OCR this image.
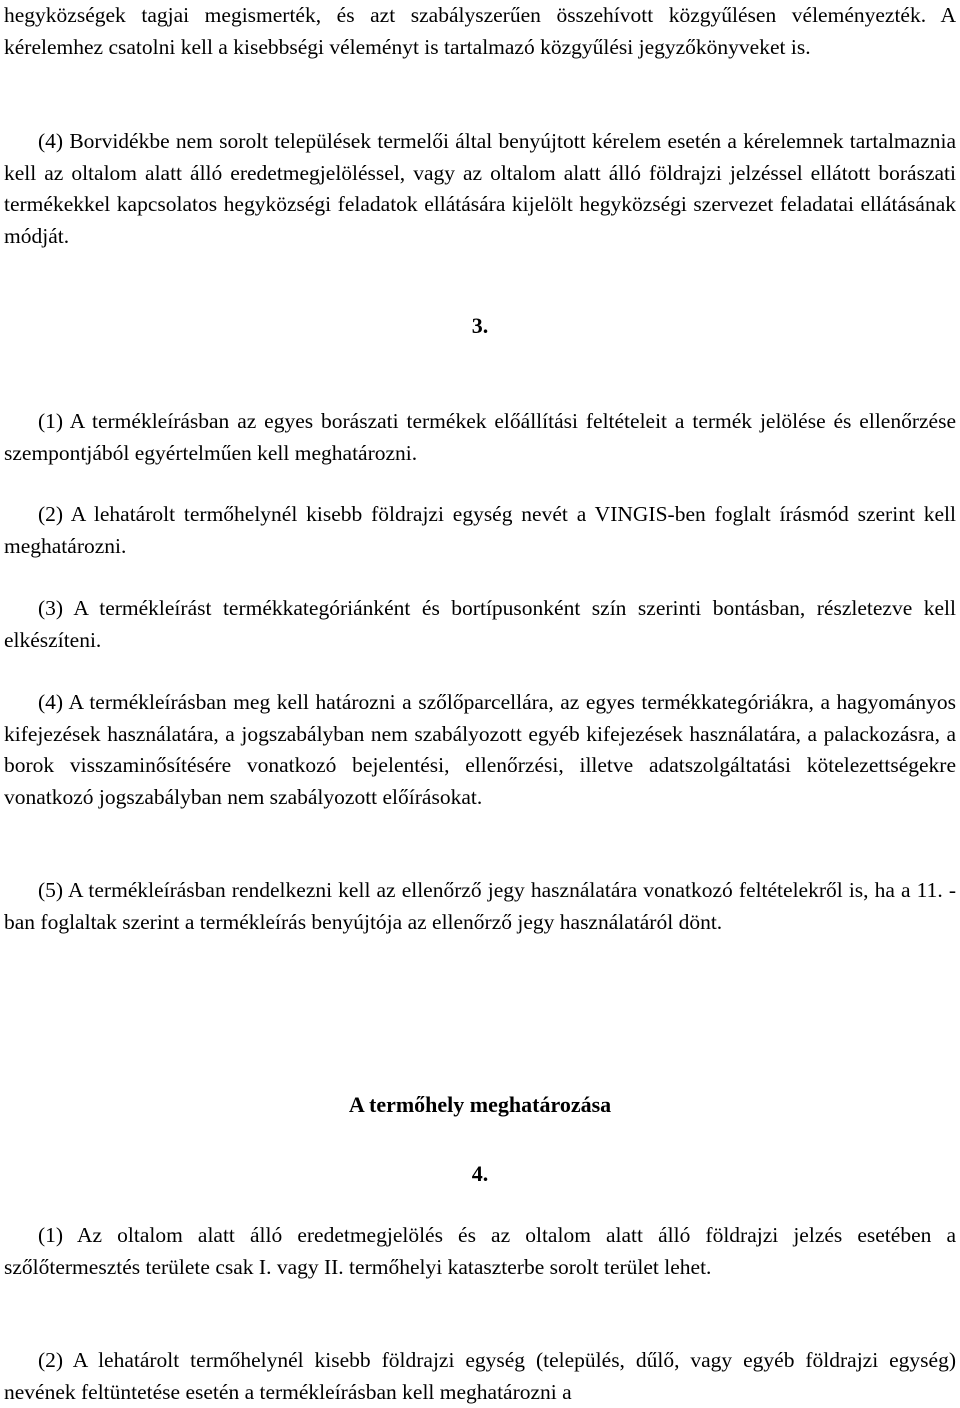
hegyközségek tagjai megismerték, és azt szabályszerűen összehívott közgyűlésen véleményezték. A kérelemhez csatolni kell a kisebbségi véleményt is tartalmazó közgyűlési jegyzőkönyveket is.

(4) Borvidékbe nem sorolt települések termelői által benyújtott kérelem esetén a kérelemnek tartalmaznia kell az oltalom alatt álló eredetmegjelöléssel, vagy az oltalom alatt álló földrajzi jelzéssel ellátott borászati termékekkel kapcsolatos hegyközségi feladatok ellátására kijelölt hegyközségi szervezet feladatai ellátásának módját.

3.

(1) A termékleírásban az egyes borászati termékek előállítási feltételeit a termék jelölése és ellenőrzése szempontjából egyértelműen kell meghatározni.

(2) A lehatárolt termőhelynél kisebb földrajzi egység nevét a VINGIS-ben foglalt írásmód szerint kell meghatározni.

(3) A termékleírást termékkategóriánként és bortípusonként szín szerinti bontásban, részletezve kell elkészíteni.

(4) A termékleírásban meg kell határozni a szőlőparcellára, az egyes termékkategóriákra, a hagyományos kifejezések használatára, a jogszabályban nem szabályozott egyéb kifejezések használatára, a palackozásra, a borok visszaminősítésére vonatkozó bejelentési, ellenőrzési, illetve adatszolgáltatási kötelezettségekre vonatkozó jogszabályban nem szabályozott előírásokat.

(5) A termékleírásban rendelkezni kell az ellenőrző jegy használatára vonatkozó feltételekről is, ha a 11. -ban foglaltak szerint a termékleírás benyújtója az ellenőrző jegy használatáról dönt.

A termőhely meghatározása

4.

(1) Az oltalom alatt álló eredetmegjelölés és az oltalom alatt álló földrajzi jelzés esetében a szőlőtermesztés területe csak I. vagy II. termőhelyi kataszterbe sorolt terület lehet.

(2) A lehatárolt termőhelynél kisebb földrajzi egység (település, dűlő, vagy egyéb földrajzi egység) nevének feltüntetése esetén a termékleírásban kell meghatározni a
